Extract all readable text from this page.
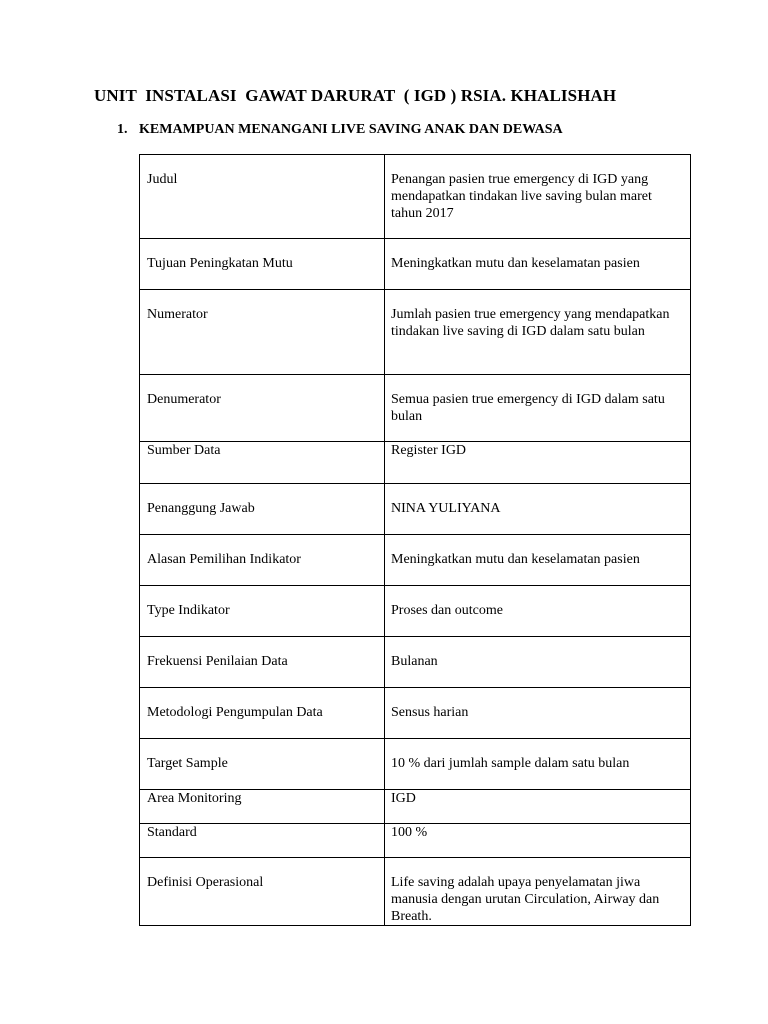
UNIT  INSTALASI  GAWAT DARURAT  ( IGD ) RSIA. KHALISHAH
1. KEMAMPUAN MENANGANI LIVE SAVING ANAK DAN DEWASA
Judul	Penangan pasien true emergency di IGD yang mendapatkan tindakan live saving bulan maret tahun 2017

Tujuan Peningkatan Mutu	Meningkatkan mutu dan keselamatan pasien

Numerator	Jumlah pasien true emergency yang mendapatkan tindakan live saving di IGD dalam satu bulan

Denumerator	Semua pasien true emergency di IGD dalam satu bulan

Sumber Data	Register IGD

Penanggung Jawab	NINA YULIYANA

Alasan Pemilihan Indikator	Meningkatkan mutu dan keselamatan pasien

Type Indikator	Proses dan outcome

Frekuensi Penilaian Data	Bulanan

Metodologi Pengumpulan Data	Sensus harian

Target Sample	10 % dari jumlah sample dalam satu bulan

Area Monitoring	IGD

Standard	100 %

Definisi Operasional	Life saving adalah upaya penyelamatan jiwa manusia dengan urutan Circulation, Airway dan Breath.
